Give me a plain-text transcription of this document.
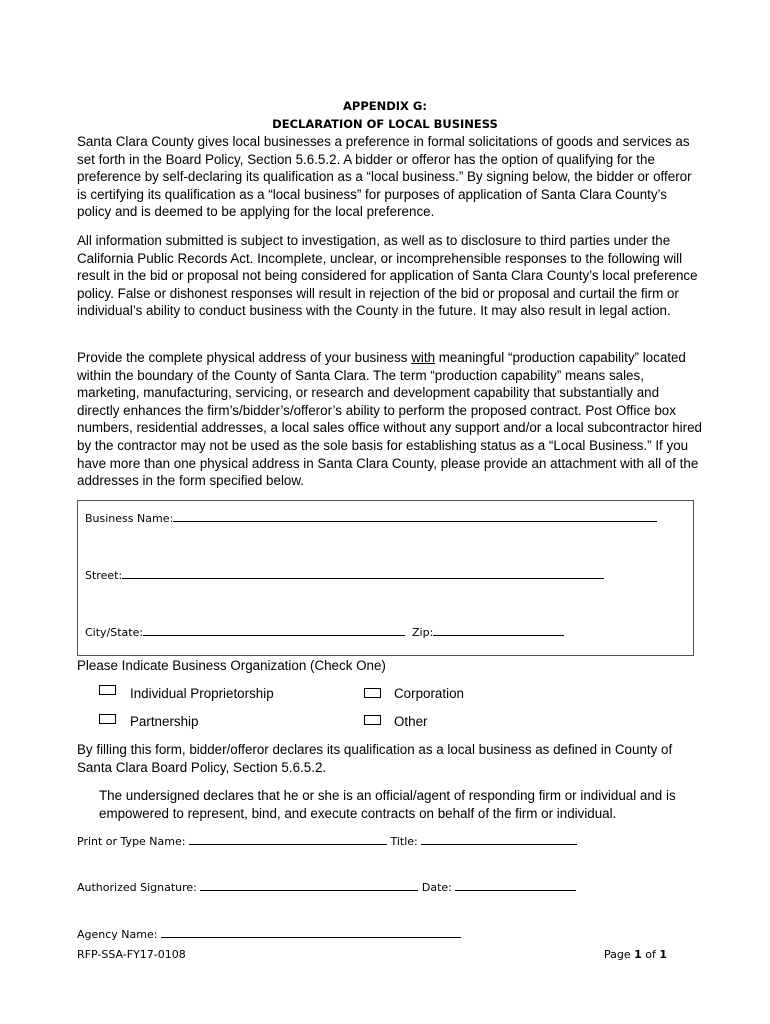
APPENDIX G:
DECLARATION OF LOCAL BUSINESS

Santa Clara County gives local businesses a preference in formal solicitations of goods and services as set forth in the Board Policy, Section 5.6.5.2. A bidder or offeror has the option of qualifying for the preference by self-declaring its qualification as a “local business.” By signing below, the bidder or offeror is certifying its qualification as a “local business” for purposes of application of Santa Clara County’s policy and is deemed to be applying for the local preference.

All information submitted is subject to investigation, as well as to disclosure to third parties under the California Public Records Act. Incomplete, unclear, or incomprehensible responses to the following will result in the bid or proposal not being considered for application of Santa Clara County’s local preference policy. False or dishonest responses will result in rejection of the bid or proposal and curtail the firm or individual’s ability to conduct business with the County in the future. It may also result in legal action.

Provide the complete physical address of your business with meaningful “production capability” located within the boundary of the County of Santa Clara. The term “production capability” means sales, marketing, manufacturing, servicing, or research and development capability that substantially and directly enhances the firm’s/bidder’s/offeror’s ability to perform the proposed contract. Post Office box numbers, residential addresses, a local sales office without any support and/or a local subcontractor hired by the contractor may not be used as the sole basis for establishing status as a “Local Business.” If you have more than one physical address in Santa Clara County, please provide an attachment with all of the addresses in the form specified below.

Business Name:
Street:
City/State:	Zip:
Please Indicate Business Organization (Check One)
Individual Proprietorship	Corporation
Partnership	Other

By filling this form, bidder/offeror declares its qualification as a local business as defined in County of Santa Clara Board Policy, Section 5.6.5.2.

The undersigned declares that he or she is an official/agent of responding firm or individual and is empowered to represent, bind, and execute contracts on behalf of the firm or individual.

Print or Type Name:	Title:
Authorized Signature:	Date:
Agency Name:
RFP-SSA-FY17-0108	Page 1 of 1
